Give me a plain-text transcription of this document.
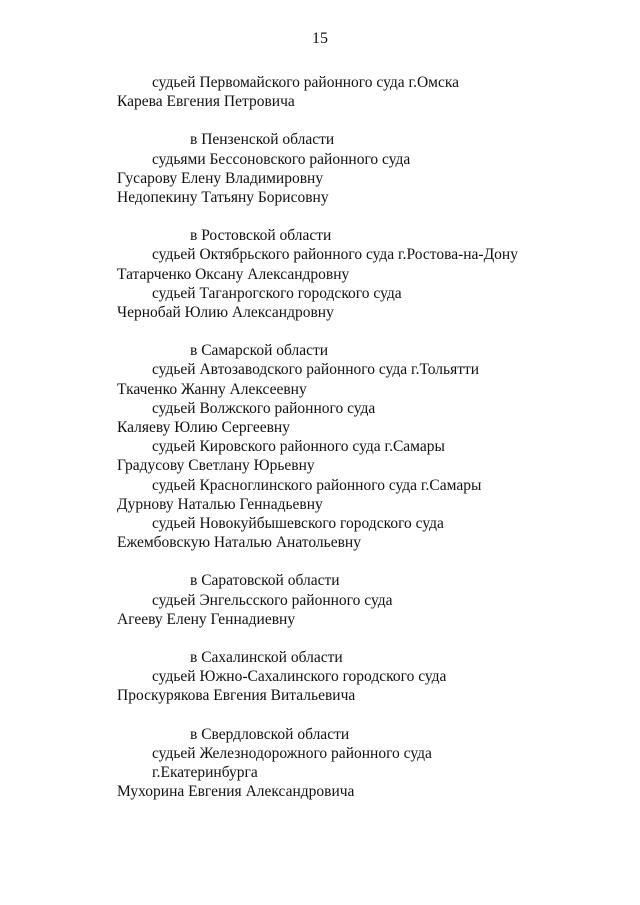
15
судьей Первомайского районного суда г.Омска
Карева Евгения Петровича
в Пензенской области
судьями Бессоновского районного суда
Гусарову Елену Владимировну
Недопекину Татьяну Борисовну
в Ростовской области
судьей Октябрьского районного суда г.Ростова-на-Дону
Татарченко Оксану Александровну
судьей Таганрогского городского суда
Чернобай Юлию Александровну
в Самарской области
судьей Автозаводского районного суда г.Тольятти
Ткаченко Жанну Алексеевну
судьей Волжского районного суда
Каляеву Юлию Сергеевну
судьей Кировского районного суда г.Самары
Градусову Светлану Юрьевну
судьей Красноглинского районного суда г.Самары
Дурнову Наталью Геннадьевну
судьей Новокуйбышевского городского суда
Ежембовскую Наталью Анатольевну
в Саратовской области
судьей Энгельсского районного суда
Агееву Елену Геннадиевну
в Сахалинской области
судьей Южно-Сахалинского городского суда
Проскурякова Евгения Витальевича
в Свердловской области
судьей Железнодорожного районного суда
г.Екатеринбурга
Мухорина Евгения Александровича
